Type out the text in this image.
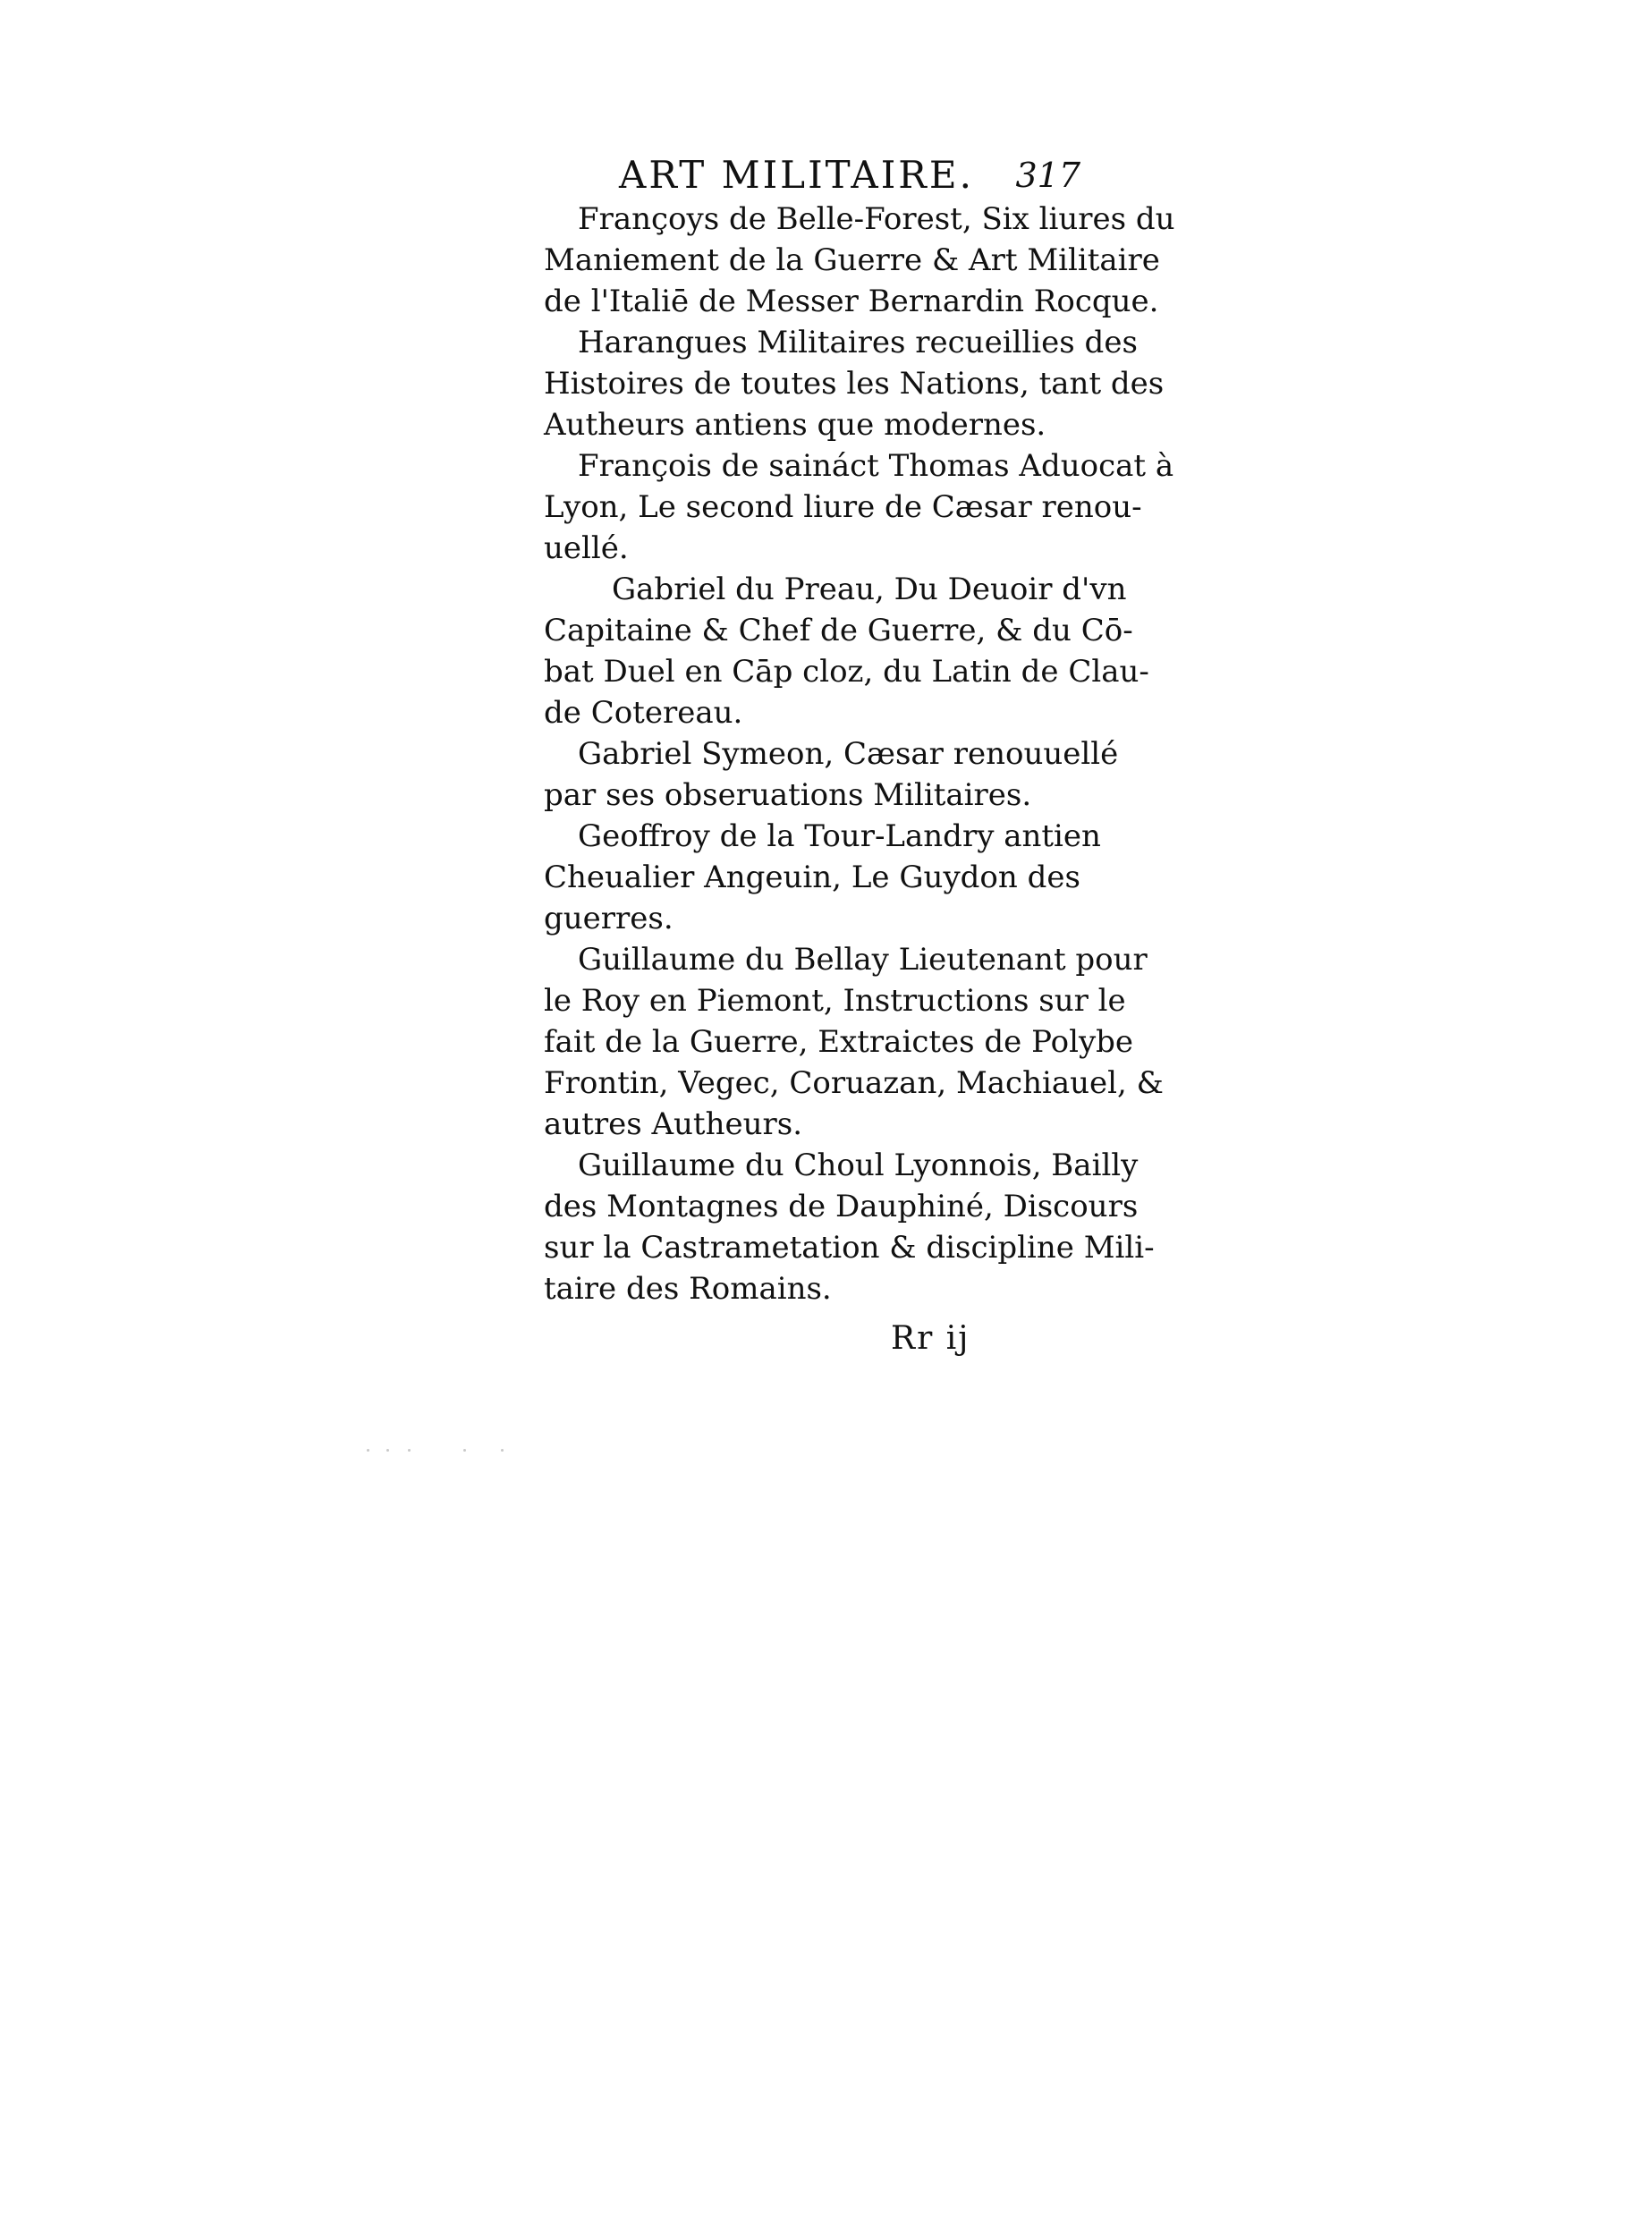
ART MILITAIRE. 317

Françoys de Belle-Forest, Six liures du
Maniement de la Guerre & Art Militaire
de l'Italiē de Messer Bernardin Rocque.

Harangues Militaires recueillies des
Histoires de toutes les Nations, tant des
Autheurs antiens que modernes.

François de saináct Thomas Aduocat à
Lyon, Le second liure de Cæsar renou-
uellé.

Gabriel du Preau, Du Deuoir d'vn
Capitaine & Chef de Guerre, & du Cō-
bat Duel en Cāp cloz, du Latin de Clau-
de Cotereau.

Gabriel Symeon, Cæsar renouuellé
par ses obseruations Militaires.

Geoffroy de la Tour-Landry antien
Cheualier Angeuin, Le Guydon des
guerres.

Guillaume du Bellay Lieutenant pour
le Roy en Piemont, Instructions sur le
fait de la Guerre, Extraictes de Polybe
Frontin, Vegec, Coruazan, Machiauel, &
autres Autheurs.

Guillaume du Choul Lyonnois, Bailly
des Montagnes de Dauphiné, Discours
sur la Castrametation & discipline Mili-
taire des Romains.

Rr ij
